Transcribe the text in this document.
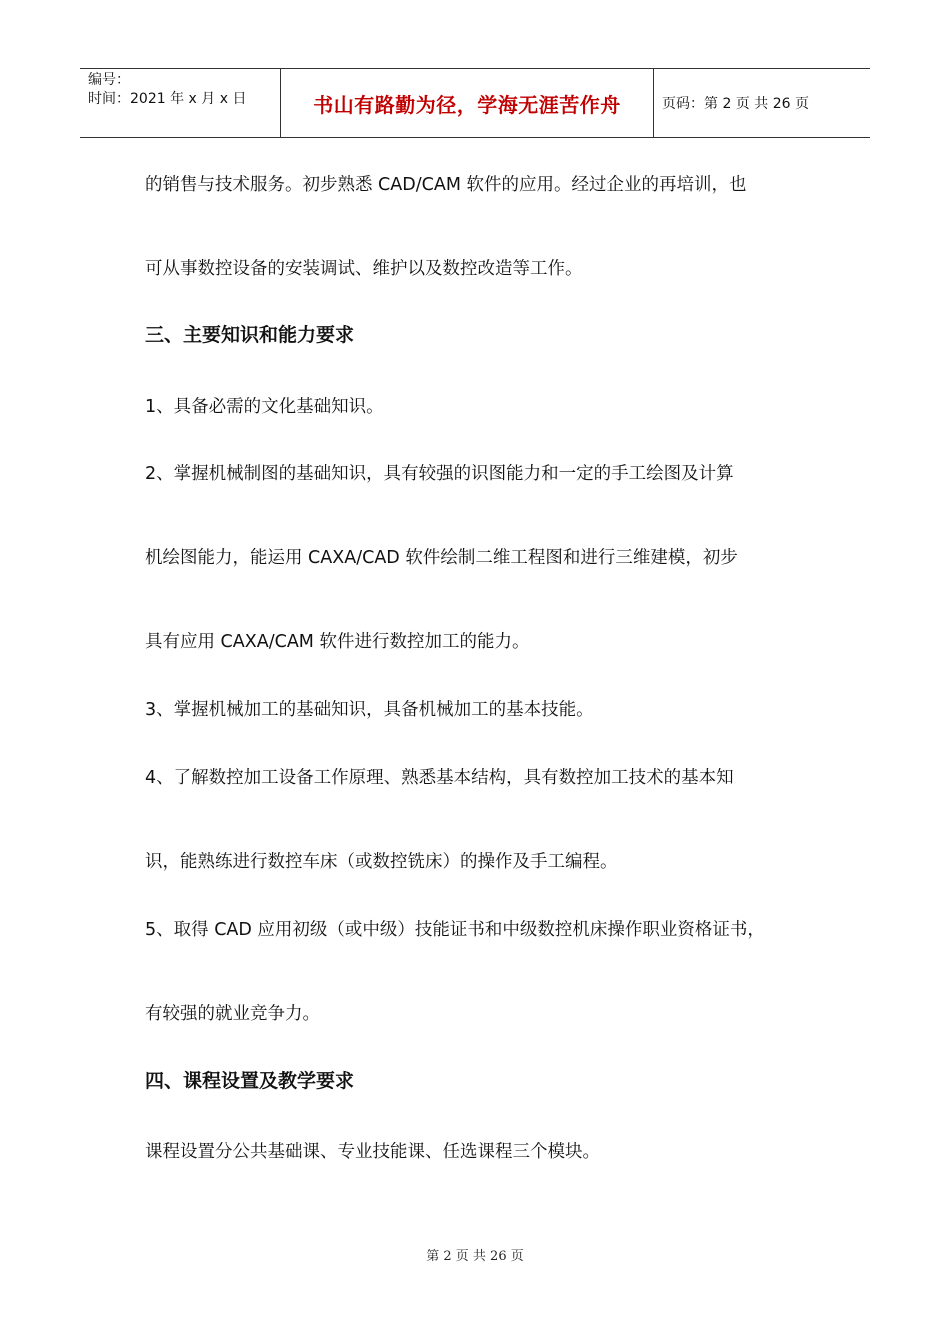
编号：
时间：2021 年 x 月 x 日	书山有路勤为径，学海无涯苦作舟	页码：第 2 页 共 26 页
的销售与技术服务。初步熟悉 CAD/CAM 软件的应用。经过企业的再培训，也
可从事数控设备的安装调试、维护以及数控改造等工作。
三、主要知识和能力要求
1、具备必需的文化基础知识。
2、掌握机械制图的基础知识，具有较强的识图能力和一定的手工绘图及计算
机绘图能力，能运用 CAXA/CAD 软件绘制二维工程图和进行三维建模，初步
具有应用 CAXA/CAM 软件进行数控加工的能力。
3、掌握机械加工的基础知识，具备机械加工的基本技能。
4、了解数控加工设备工作原理、熟悉基本结构，具有数控加工技术的基本知
识，能熟练进行数控车床（或数控铣床）的操作及手工编程。
5、取得 CAD 应用初级（或中级）技能证书和中级数控机床操作职业资格证书，
有较强的就业竞争力。
四、课程设置及教学要求
课程设置分公共基础课、专业技能课、任选课程三个模块。
第 2 页 共 26 页
